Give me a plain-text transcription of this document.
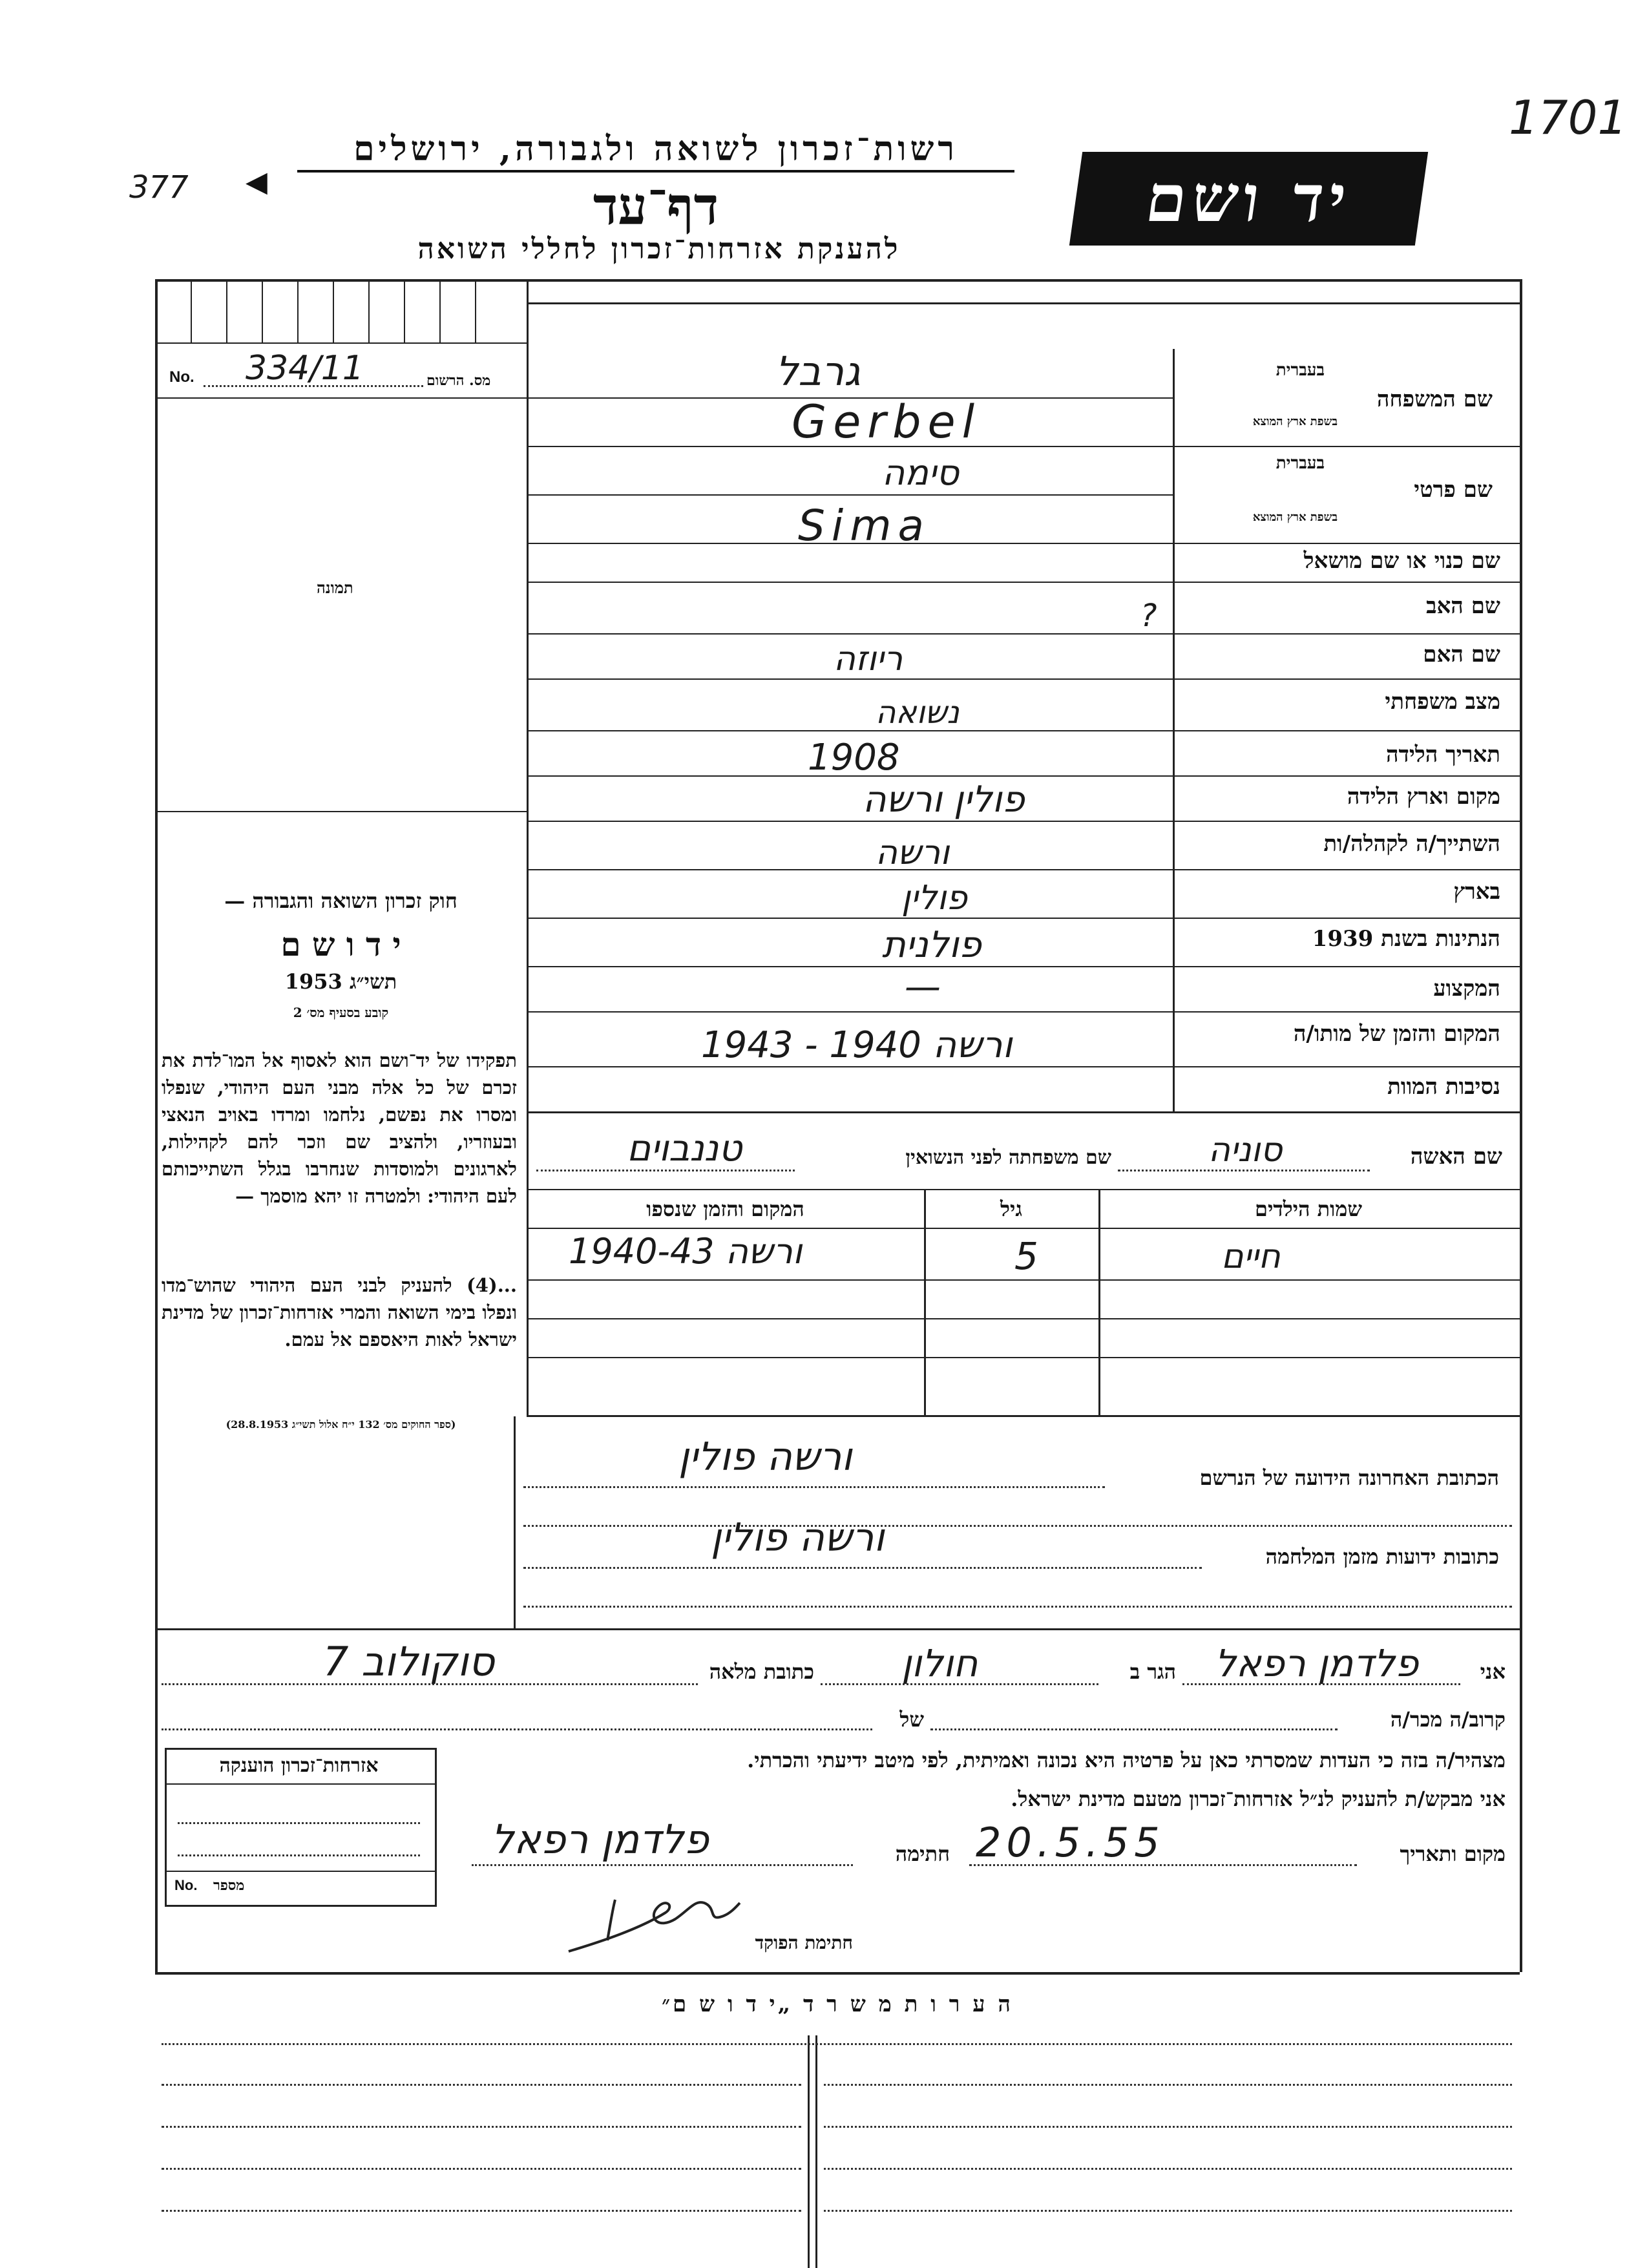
1701
377 ◀
רשות־זכרון לשואה ולגבורה, ירושלים
דף־עד
להענקת אזרחות־זכרון לחללי השואה
יד ושם
No. 334/11	מס. הרשום
תמונה
חוק זכרון השואה והגבורה —
י ד ו ש ם
תשי״ג 1953
קובע בסעיף מס׳ 2
תפקידו של יד־ושם הוא לאסוף אל המו־לדת את זכרם של כל אלה מבני העם היהודי, שנפלו ומסרו את נפשם, נלחמו ומרדו באויב הנאצי ובעוזריו, ולהציב שם וזכר להם לקהילות, לארגונים ולמוסדות שנחרבו בגלל השתייכותם לעם היהודי: ולמטרה זו יהא מוסמך —
...(4) להעניק לבני העם היהודי שהוש־מדו ונפלו בימי השואה והמרי אזרחות־זכרון של מדינת ישראל לאות היאספם אל עמם.
(ספר החוקים מס׳ 132 י״ח אלול תשי״ג 28.8.1953)
שם המשפחה
בעברית
בשפת ארץ המוצא
גרבל
Gerbel
שם פרטי
בעברית
בשפת ארץ המוצא
סימה
Sima
שם כנוי או שם מושאל
שם האב
?
שם האם
ריוזה
מצב משפחתי
נשואה
תאריך הלידה
1908
מקום וארץ הלידה
פולין ורשה
השתייך/ה לקהלה/ות
ורשה
בארץ
פולין
הנתינות בשנת 1939
פולנית
המקצוע
—
המקום והזמן של מותו/ה
ורשה 1940 - 1943
נסיבות המוות
שם האשה
סוניה
שם משפחתה לפני הנשואין
טננבוים
שמות הילדים
גיל
המקום והזמן שנספו
חיים
5
ורשה 1940-43
הכתובת האחרונה הידועה של הנרשם
ורשה פולין
כתובות ידועות מזמן המלחמה
ורשה פולין
אני
פלדמן רפאל
הגר ב
חולון
כתובת מלאה
סוקולוב 7
קרוב/ה מכר/ה
של
מצהיר/ה בזה כי העדות שמסרתי כאן על פרטיה היא נכונה ואמיתית, לפי מיטב ידיעתי והכרתי.
אני מבקש/ת להעניק לנ״ל אזרחות־זכרון מטעם מדינת ישראל.
מקום ותאריך
20.5.55
חתימה
פלדמן רפאל
חתימת הפוקד
אזרחות־זכרון הוענקה
No. מספר
ה ע ר ו ת מ ש ר ד „י ד ו ש ם״
